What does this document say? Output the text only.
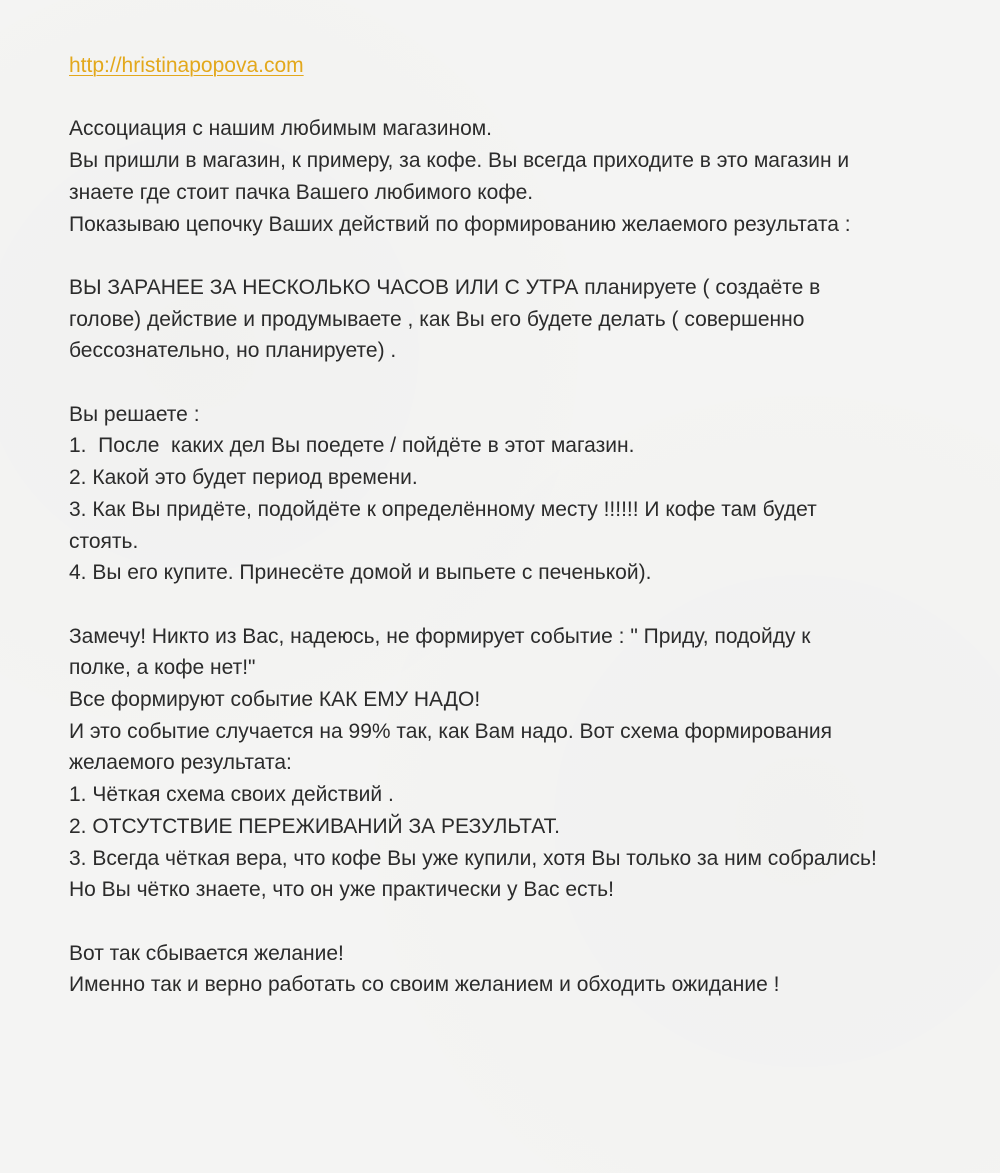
http://hristinapopova.com
Ассоциация с нашим любимым магазином.
Вы пришли в магазин, к примеру, за кофе. Вы всегда приходите в это магазин и
знаете где стоит пачка Вашего любимого кофе.
Показываю цепочку Ваших действий по формированию желаемого результата :
ВЫ ЗАРАНЕЕ ЗА НЕСКОЛЬКО ЧАСОВ ИЛИ С УТРА планируете ( создаёте в
голове) действие и продумываете , как Вы его будете делать ( совершенно
бессознательно, но планируете) .
Вы решаете :
1.  После  каких дел Вы поедете / пойдёте в этот магазин.
2. Какой это будет период времени.
3. Как Вы придёте, подойдёте к определённому месту !!!!!! И кофе там будет
стоять.
4. Вы его купите. Принесёте домой и выпьете с печенькой).
Замечу! Никто из Вас, надеюсь, не формирует событие : " Приду, подойду к
полке, а кофе нет!"
Все формируют событие КАК ЕМУ НАДО!
И это событие случается на 99% так, как Вам надо. Вот схема формирования
желаемого результата:
1. Чёткая схема своих действий .
2. ОТСУТСТВИЕ ПЕРЕЖИВАНИЙ ЗА РЕЗУЛЬТАТ.
3. Всегда чёткая вера, что кофе Вы уже купили, хотя Вы только за ним собрались!
Но Вы чётко знаете, что он уже практически у Вас есть!
Вот так сбывается желание!
Именно так и верно работать со своим желанием и обходить ожидание !
